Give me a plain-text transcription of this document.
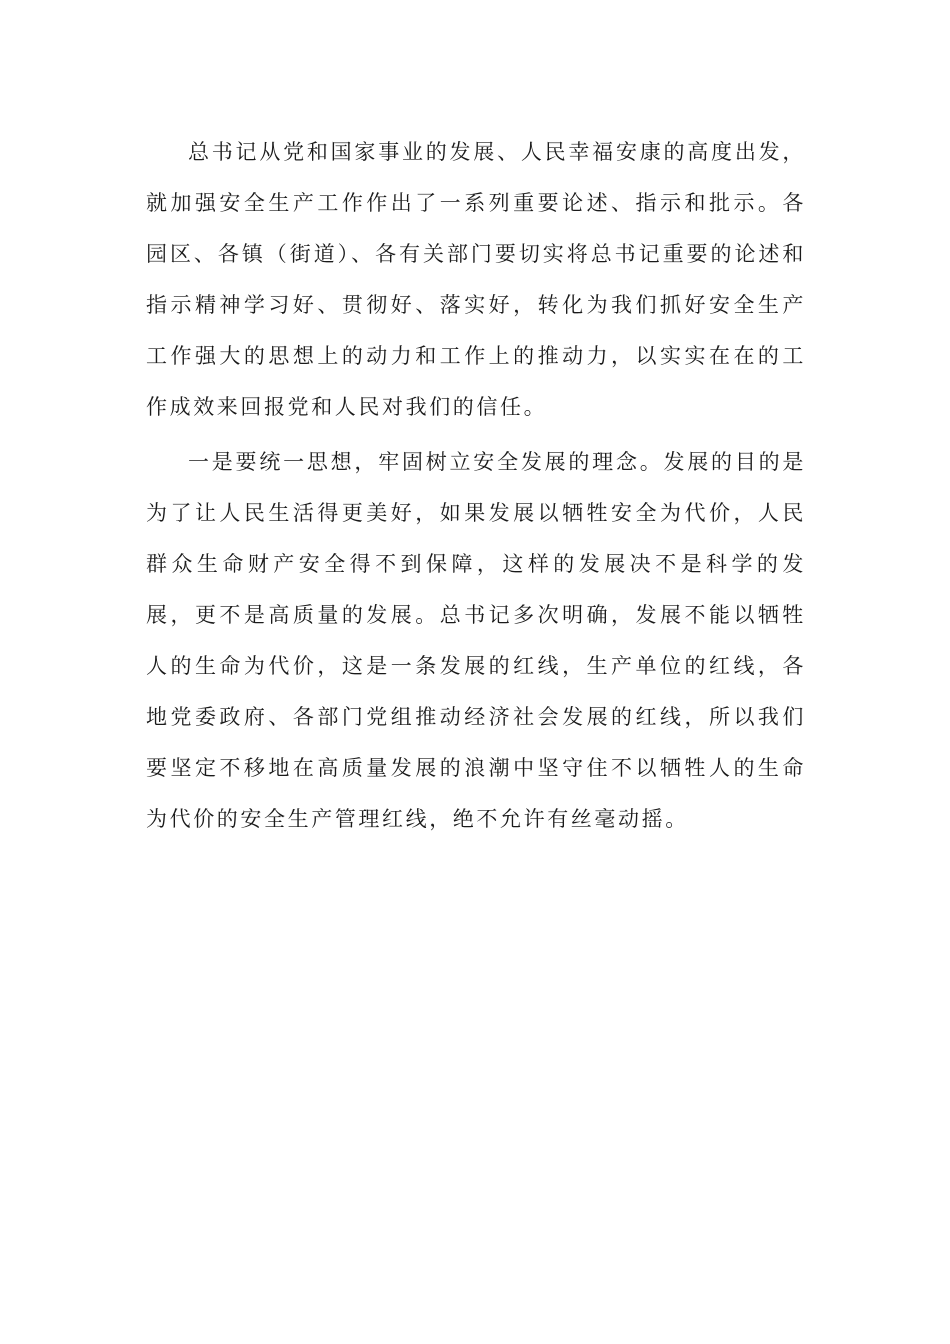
总书记从党和国家事业的发展、人民幸福安康的高度出发，就加强安全生产工作作出了一系列重要论述、指示和批示。各园区、各镇（街道）、各有关部门要切实将总书记重要的论述和指示精神学习好、贯彻好、落实好，转化为我们抓好安全生产工作强大的思想上的动力和工作上的推动力，以实实在在的工作成效来回报党和人民对我们的信任。

一是要统一思想，牢固树立安全发展的理念。发展的目的是为了让人民生活得更美好，如果发展以牺牲安全为代价，人民群众生命财产安全得不到保障，这样的发展决不是科学的发展，更不是高质量的发展。总书记多次明确，发展不能以牺牲人的生命为代价，这是一条发展的红线，生产单位的红线，各地党委政府、各部门党组推动经济社会发展的红线，所以我们要坚定不移地在高质量发展的浪潮中坚守住不以牺牲人的生命为代价的安全生产管理红线，绝不允许有丝毫动摇。
